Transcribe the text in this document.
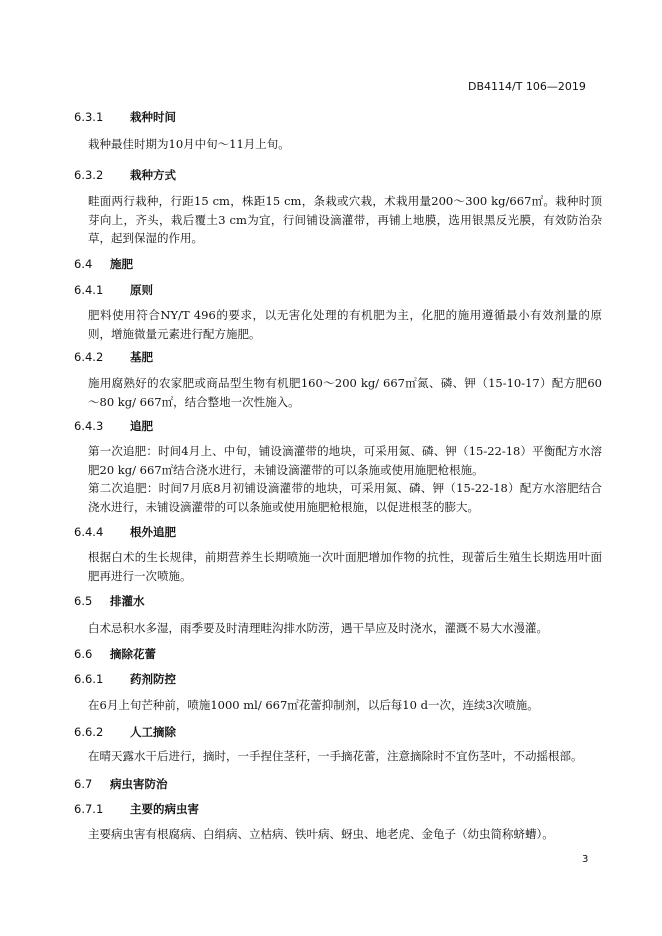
DB4114/T 106—2019
6.3.1 栽种时间
栽种最佳时期为10月中旬～11月上旬。
6.3.2 栽种方式
畦面两行栽种，行距15 cm，株距15 cm，条栽或穴栽，术栽用量200～300 kg/667㎡。栽种时顶芽向上，齐头，栽后覆土3 cm为宜，行间铺设滴灌带，再铺上地膜，选用银黑反光膜，有效防治杂草，起到保湿的作用。
6.4 施肥
6.4.1 原则
肥料使用符合NY/T 496的要求，以无害化处理的有机肥为主，化肥的施用遵循最小有效剂量的原则，增施微量元素进行配方施肥。
6.4.2 基肥
施用腐熟好的农家肥或商品型生物有机肥160～200 kg/ 667㎡氮、磷、钾（15-10-17）配方肥60～80 kg/ 667㎡，结合整地一次性施入。
6.4.3 追肥
第一次追肥：时间4月上、中旬，铺设滴灌带的地块，可采用氮、磷、钾（15-22-18）平衡配方水溶肥20 kg/ 667㎡结合浇水进行，未铺设滴灌带的可以条施或使用施肥枪根施。
第二次追肥：时间7月底8月初铺设滴灌带的地块，可采用氮、磷、钾（15-22-18）配方水溶肥结合浇水进行，未铺设滴灌带的可以条施或使用施肥枪根施，以促进根茎的膨大。
6.4.4 根外追肥
根据白术的生长规律，前期营养生长期喷施一次叶面肥增加作物的抗性，现蕾后生殖生长期选用叶面肥再进行一次喷施。
6.5 排灌水
白术忌积水多湿，雨季要及时清理畦沟排水防涝，遇干旱应及时浇水，灌溉不易大水漫灌。
6.6 摘除花蕾
6.6.1 药剂防控
在6月上旬芒种前，喷施1000 ml/ 667㎡花蕾抑制剂，以后每10 d一次，连续3次喷施。
6.6.2 人工摘除
在晴天露水干后进行，摘时，一手捏住茎秆，一手摘花蕾，注意摘除时不宜伤茎叶，不动摇根部。
6.7 病虫害防治
6.7.1 主要的病虫害
主要病虫害有根腐病、白绢病、立枯病、铁叶病、蚜虫、地老虎、金龟子（幼虫简称蛴螬）。
3
